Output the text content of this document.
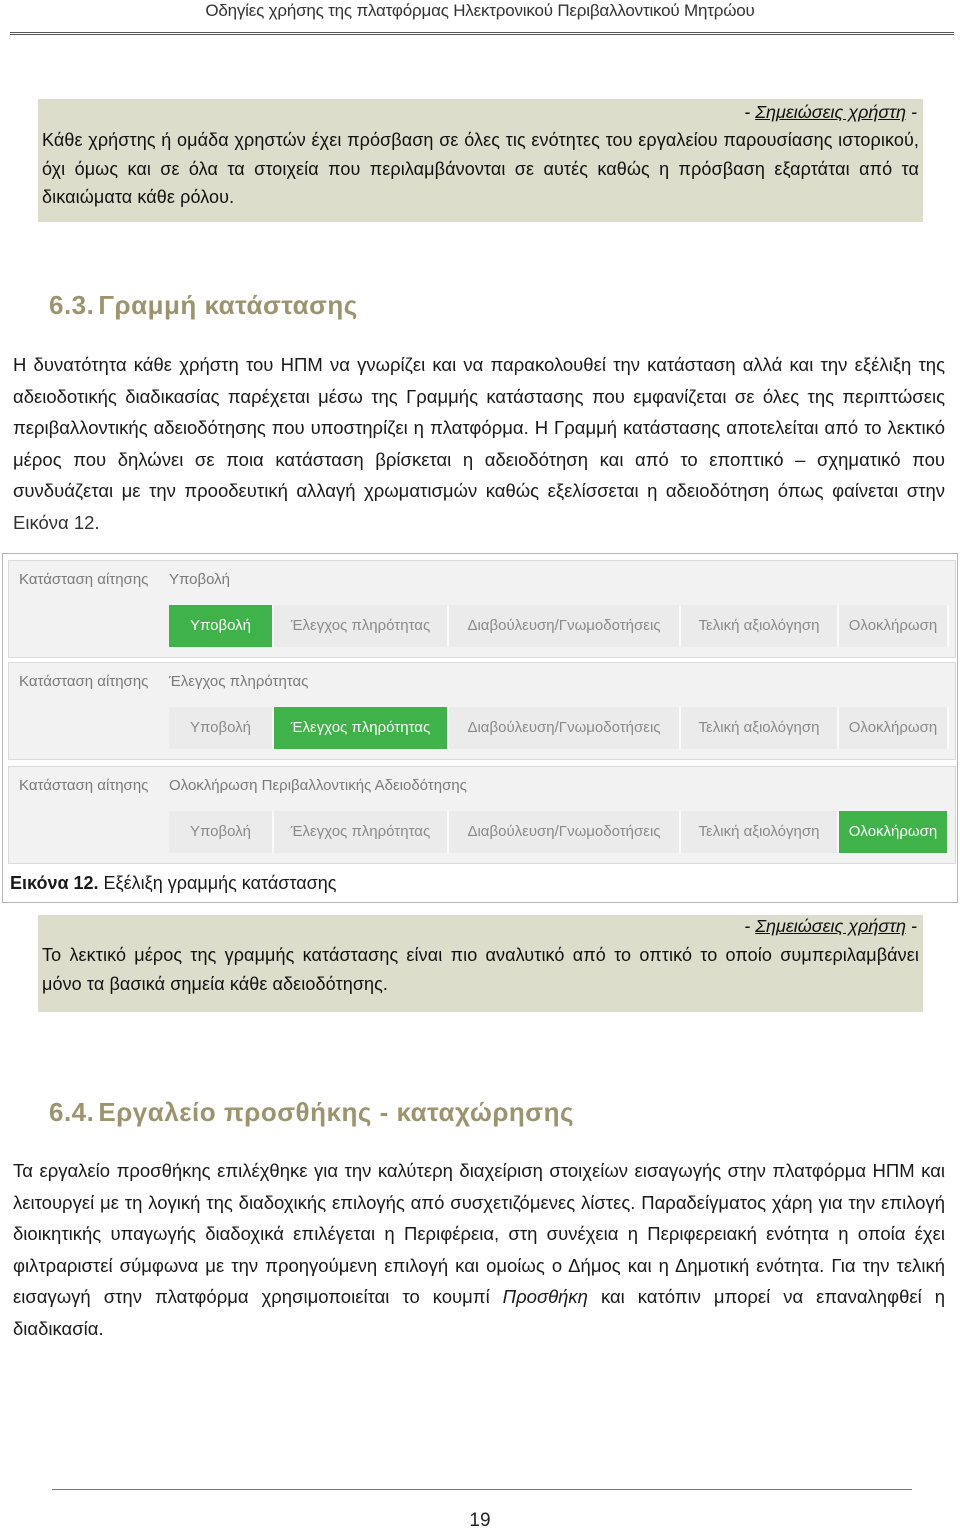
Οδηγίες χρήσης της πλατφόρμας Ηλεκτρονικού Περιβαλλοντικού Μητρώου
- Σημειώσεις χρήστη -
Κάθε χρήστης ή ομάδα χρηστών έχει πρόσβαση σε όλες τις ενότητες του εργαλείου παρουσίασης ιστορικού, όχι όμως και σε όλα τα στοιχεία που περιλαμβάνονται σε αυτές καθώς η πρόσβαση εξαρτάται από τα δικαιώματα κάθε ρόλου.
6.3. Γραμμή κατάστασης
Η δυνατότητα κάθε χρήστη του ΗΠΜ να γνωρίζει και να παρακολουθεί την κατάσταση αλλά και την εξέλιξη της αδειοδοτικής διαδικασίας παρέχεται μέσω της Γραμμής κατάστασης που εμφανίζεται σε όλες της περιπτώσεις περιβαλλοντικής αδειοδότησης που υποστηρίζει η πλατφόρμα. Η Γραμμή κατάστασης αποτελείται από το λεκτικό μέρος που δηλώνει σε ποια κατάσταση βρίσκεται η αδειοδότηση και από το εποπτικό – σχηματικό που συνδυάζεται με την προοδευτική αλλαγή χρωματισμών καθώς εξελίσσεται η αδειοδότηση όπως φαίνεται στην Εικόνα 12.
Κατάσταση αίτησης Υποβολή
Υποβολή	Έλεγχος πληρότητας	Διαβούλευση/Γνωμοδοτήσεις	Τελική αξιολόγηση	Ολοκλήρωση
Κατάσταση αίτησης Έλεγχος πληρότητας
Υποβολή	Έλεγχος πληρότητας	Διαβούλευση/Γνωμοδοτήσεις	Τελική αξιολόγηση	Ολοκλήρωση
Κατάσταση αίτησης Ολοκλήρωση Περιβαλλοντικής Αδειοδότησης
Υποβολή	Έλεγχος πληρότητας	Διαβούλευση/Γνωμοδοτήσεις	Τελική αξιολόγηση	Ολοκλήρωση
Εικόνα 12. Εξέλιξη γραμμής κατάστασης
- Σημειώσεις χρήστη -
Το λεκτικό μέρος της γραμμής κατάστασης είναι πιο αναλυτικό από το οπτικό το οποίο συμπεριλαμβάνει μόνο τα βασικά σημεία κάθε αδειοδότησης.
6.4. Εργαλείο προσθήκης - καταχώρησης
Τα εργαλείο προσθήκης επιλέχθηκε για την καλύτερη διαχείριση στοιχείων εισαγωγής στην πλατφόρμα ΗΠΜ και λειτουργεί με τη λογική της διαδοχικής επιλογής από συσχετιζόμενες λίστες. Παραδείγματος χάρη για την επιλογή διοικητικής υπαγωγής διαδοχικά επιλέγεται η Περιφέρεια, στη συνέχεια η Περιφερειακή ενότητα η οποία έχει φιλτραριστεί σύμφωνα με την προηγούμενη επιλογή και ομοίως ο Δήμος και η Δημοτική ενότητα. Για την τελική εισαγωγή στην πλατφόρμα χρησιμοποιείται το κουμπί Προσθήκη και κατόπιν μπορεί να επαναληφθεί η διαδικασία.
19
